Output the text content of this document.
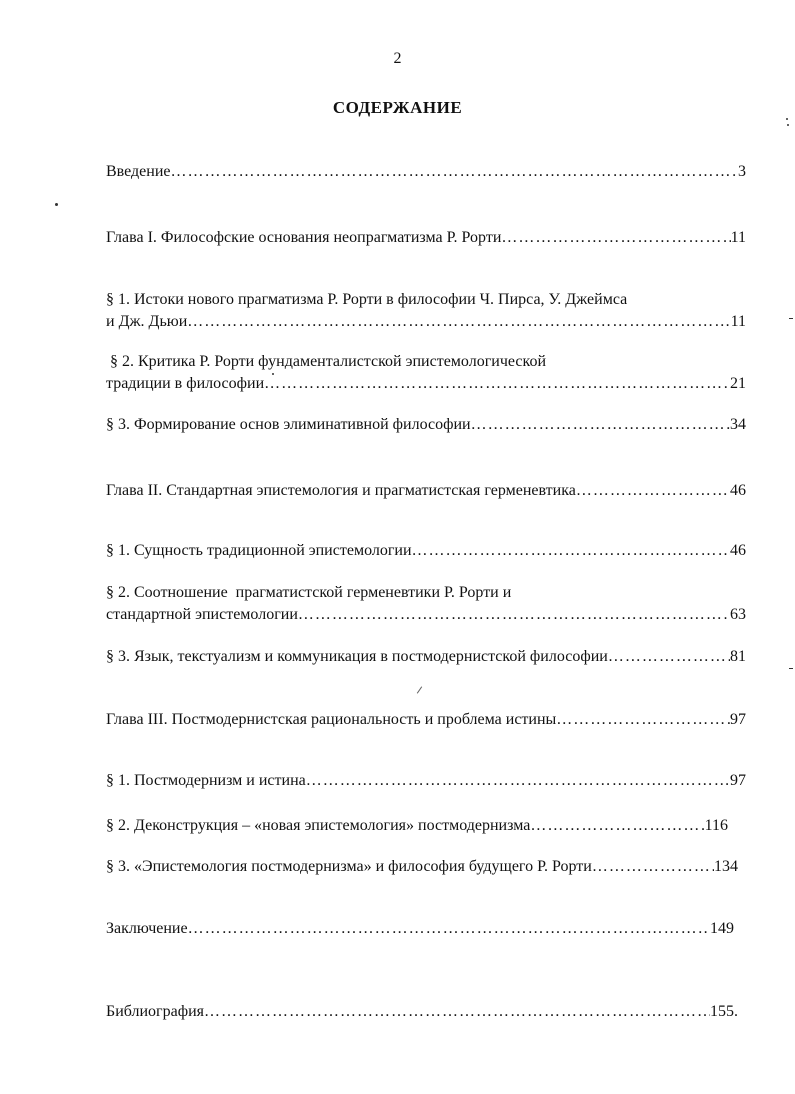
2
СОДЕРЖАНИЕ
Введение …………………………………………………………………………………………………………………………………………………………………	3
Глава I. Философские основания неопрагматизма Р. Рорти …………………………………………………………………………………………………………………………………………………………………	11
§ 1. Истоки нового прагматизма Р. Рорти в философии Ч. Пирса, У. Джеймса
и Дж. Дьюи …………………………………………………………………………………………………………………………………………………………………	11
§ 2. Критика Р. Рорти фундаменталистской эпистемологической
традиции в философии …………………………………………………………………………………………………………………………………………………………………	21
§ 3. Формирование основ элиминативной философии …………………………………………………………………………………………………………………………………………………………………	34
Глава II. Стандартная эпистемология и прагматистская герменевтика …………………………………………………………………………………………………………………………………………………………………	46
§ 1. Сущность традиционной эпистемологии …………………………………………………………………………………………………………………………………………………………………	46
§ 2. Соотношение  прагматистской герменевтики Р. Рорти и
стандартной эпистемологии …………………………………………………………………………………………………………………………………………………………………	63
§ 3. Язык, текстуализм и коммуникация в постмодернистской философии …………………………………………………………………………………………………………………………………………………………………	81
Глава III. Постмодернистская рациональность и проблема истины …………………………………………………………………………………………………………………………………………………………………	97
§ 1. Постмодернизм и истина …………………………………………………………………………………………………………………………………………………………………	97
§ 2. Деконструкция – «новая эпистемология» постмодернизма …………………………………………………………………………………………………………………………………………………………………	116
§ 3. «Эпистемология постмодернизма» и философия будущего Р. Рорти …………………………………………………………………………………………………………………………………………………………………	134
Заключение …………………………………………………………………………………………………………………………………………………………………	149
Библиография …………………………………………………………………………………………………………………………………………………………………	155.
